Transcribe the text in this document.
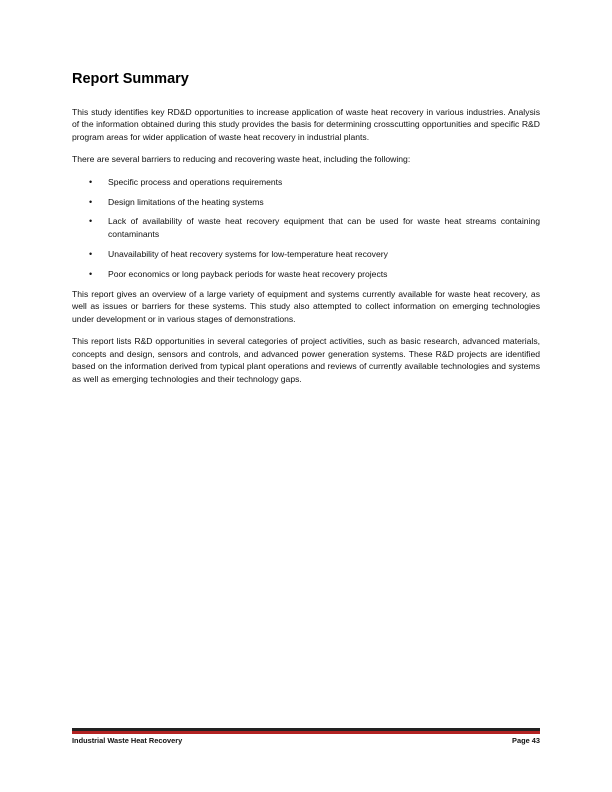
Report Summary

This study identifies key RD&D opportunities to increase application of waste heat recovery in various industries. Analysis of the information obtained during this study provides the basis for determining crosscutting opportunities and specific R&D program areas for wider application of waste heat recovery in industrial plants.

There are several barriers to reducing and recovering waste heat, including the following:

• Specific process and operations requirements
• Design limitations of the heating systems
• Lack of availability of waste heat recovery equipment that can be used for waste heat streams containing contaminants
• Unavailability of heat recovery systems for low-temperature heat recovery
• Poor economics or long payback periods for waste heat recovery projects

This report gives an overview of a large variety of equipment and systems currently available for waste heat recovery, as well as issues or barriers for these systems. This study also attempted to collect information on emerging technologies under development or in various stages of demonstrations.

This report lists R&D opportunities in several categories of project activities, such as basic research, advanced materials, concepts and design, sensors and controls, and advanced power generation systems. These R&D projects are identified based on the information derived from typical plant operations and reviews of currently available technologies and systems as well as emerging technologies and their technology gaps.

Industrial Waste Heat Recovery	Page 43
